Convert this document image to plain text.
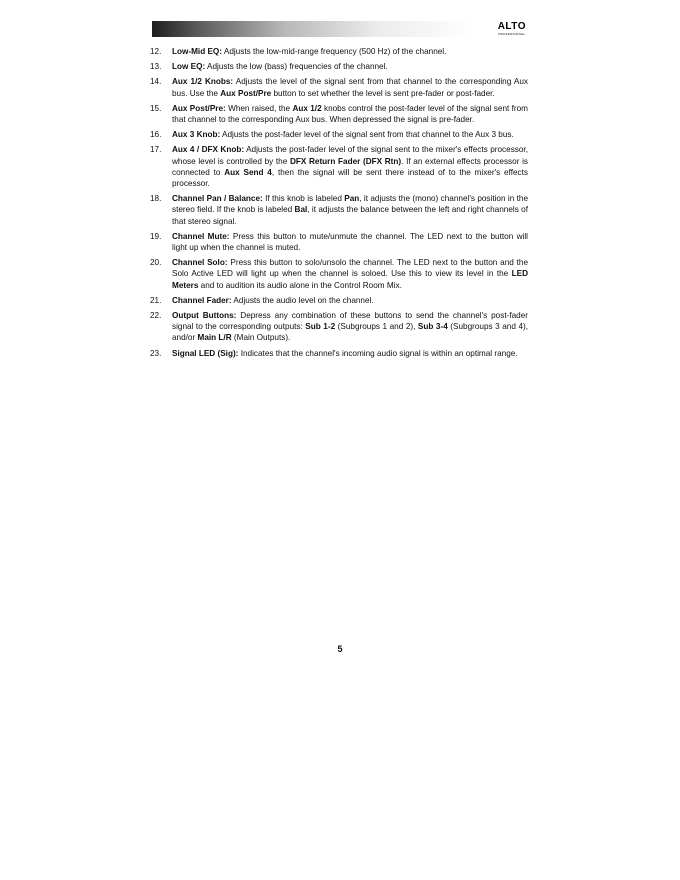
ALTO
PROFESSIONAL
12.	Low-Mid EQ: Adjusts the low-mid-range frequency (500 Hz) of the channel.
13.	Low EQ: Adjusts the low (bass) frequencies of the channel.
14.	Aux 1/2 Knobs: Adjusts the level of the signal sent from that channel to the corresponding Aux bus. Use the Aux Post/Pre button to set whether the level is sent pre-fader or post-fader.
15.	Aux Post/Pre: When raised, the Aux 1/2 knobs control the post-fader level of the signal sent from that channel to the corresponding Aux bus. When depressed the signal is pre-fader.
16.	Aux 3 Knob: Adjusts the post-fader level of the signal sent from that channel to the Aux 3 bus.
17.	Aux 4 / DFX Knob: Adjusts the post-fader level of the signal sent to the mixer's effects processor, whose level is controlled by the DFX Return Fader (DFX Rtn). If an external effects processor is connected to Aux Send 4, then the signal will be sent there instead of to the mixer's effects processor.
18.	Channel Pan / Balance: If this knob is labeled Pan, it adjusts the (mono) channel's position in the stereo field. If the knob is labeled Bal, it adjusts the balance between the left and right channels of that stereo signal.
19.	Channel Mute: Press this button to mute/unmute the channel. The LED next to the button will light up when the channel is muted.
20.	Channel Solo: Press this button to solo/unsolo the channel. The LED next to the button and the Solo Active LED will light up when the channel is soloed. Use this to view its level in the LED Meters and to audition its audio alone in the Control Room Mix.
21.	Channel Fader: Adjusts the audio level on the channel.
22.	Output Buttons: Depress any combination of these buttons to send the channel's post-fader signal to the corresponding outputs: Sub 1-2 (Subgroups 1 and 2), Sub 3-4 (Subgroups 3 and 4), and/or Main L/R (Main Outputs).
23.	Signal LED (Sig): Indicates that the channel's incoming audio signal is within an optimal range.
5
